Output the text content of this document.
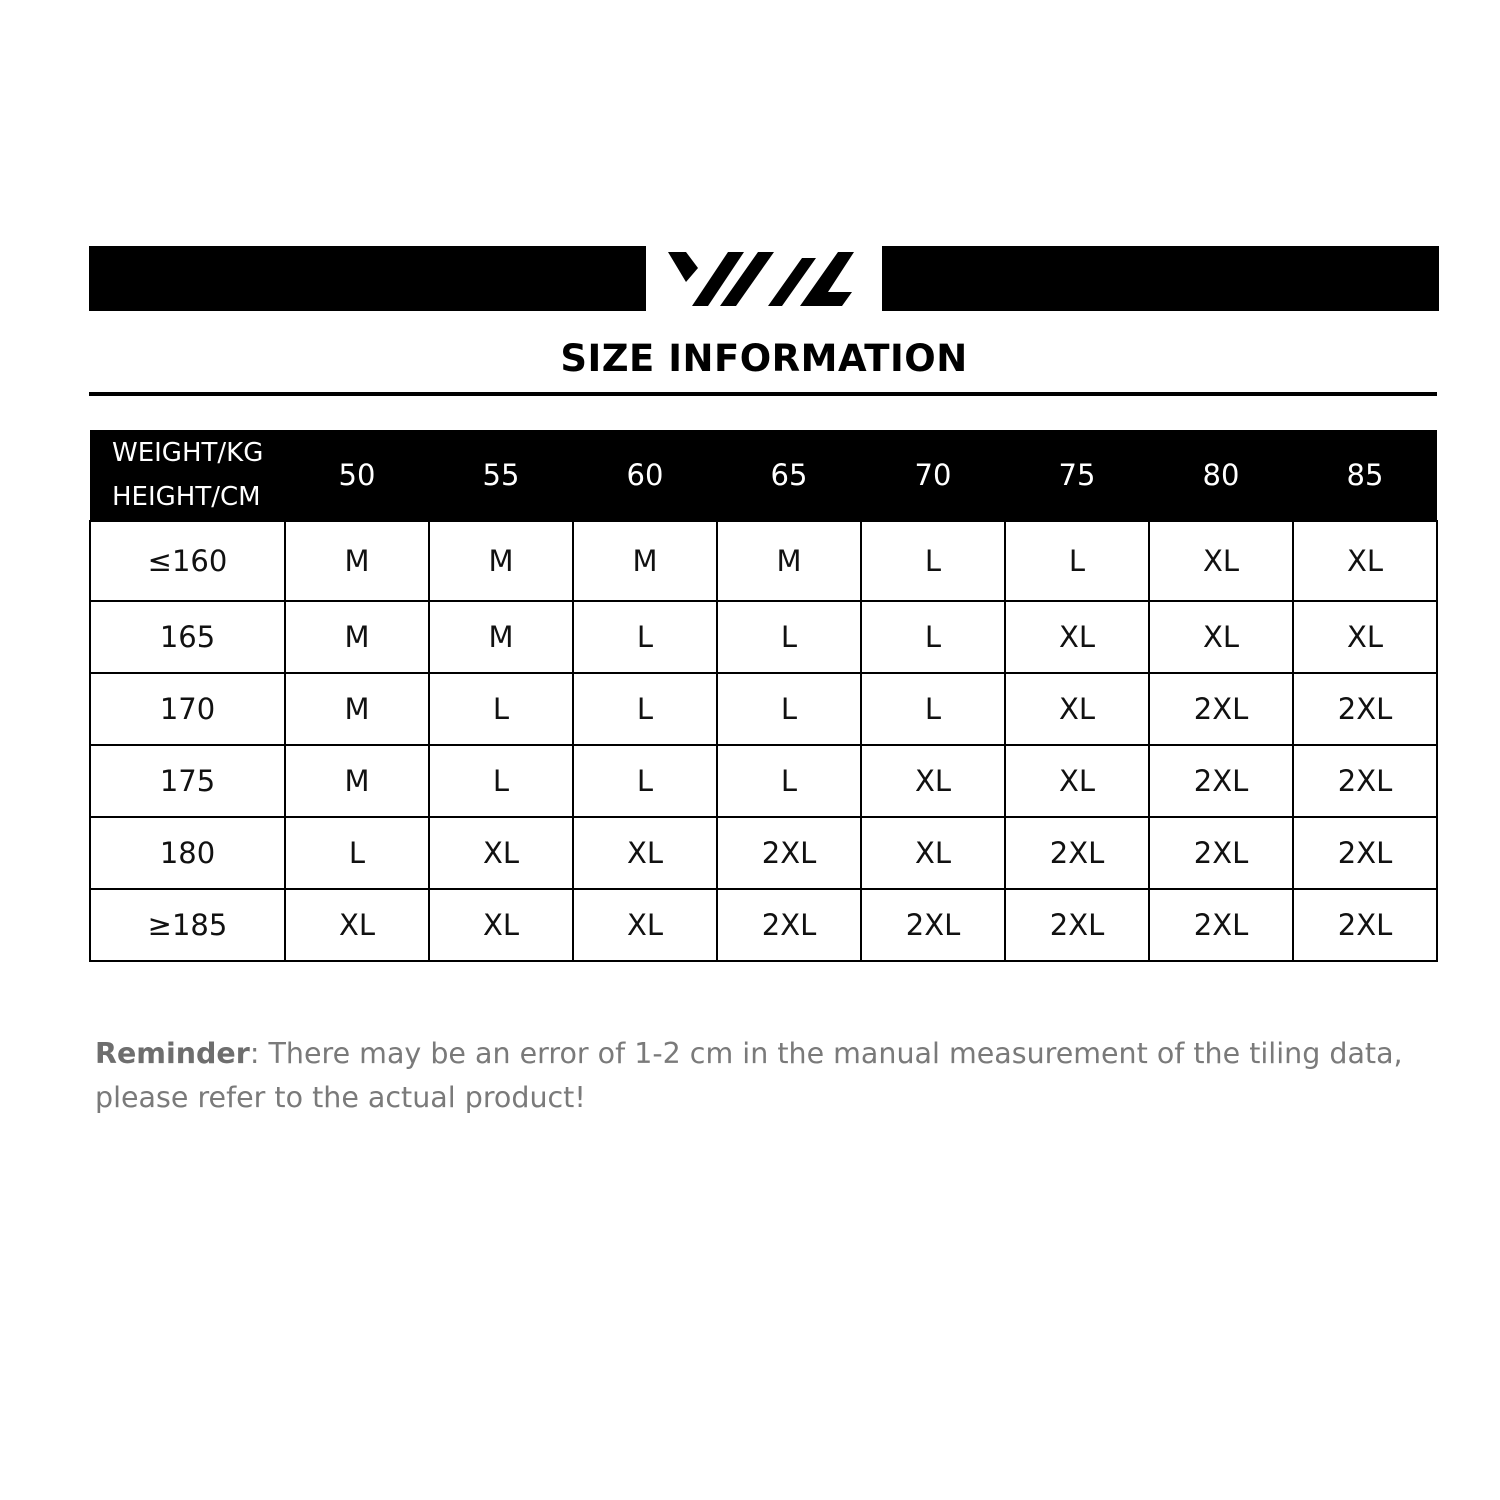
SIZE INFORMATION
WEIGHT/KG
HEIGHT/CM	50	55	60	65	70	75	80	85
≤160	M	M	M	M	L	L	XL	XL
165	M	M	L	L	L	XL	XL	XL
170	M	L	L	L	L	XL	2XL	2XL
175	M	L	L	L	XL	XL	2XL	2XL
180	L	XL	XL	2XL	XL	2XL	2XL	2XL
≥185	XL	XL	XL	2XL	2XL	2XL	2XL	2XL
Reminder: There may be an error of 1-2 cm in the manual measurement of the tiling data, please refer to the actual product!
